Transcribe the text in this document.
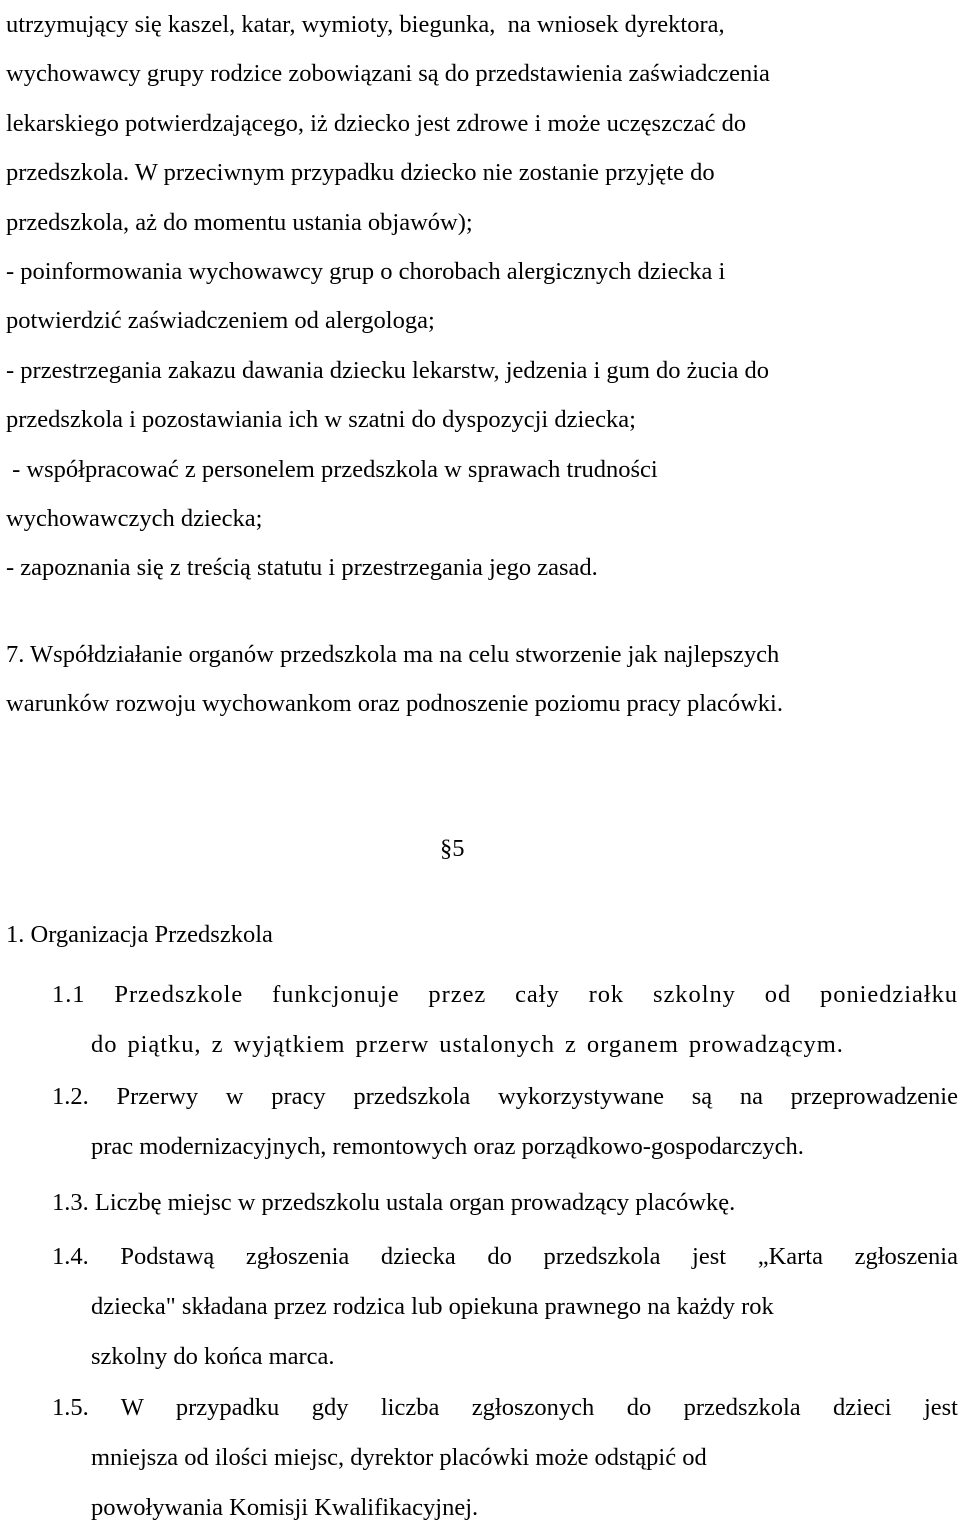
utrzymujący się kaszel, katar, wymioty, biegunka,  na wniosek dyrektora,
wychowawcy grupy rodzice zobowiązani są do przedstawienia zaświadczenia
lekarskiego potwierdzającego, iż dziecko jest zdrowe i może uczęszczać do
przedszkola. W przeciwnym przypadku dziecko nie zostanie przyjęte do
przedszkola, aż do momentu ustania objawów);
- poinformowania wychowawcy grup o chorobach alergicznych dziecka i
potwierdzić zaświadczeniem od alergologa;
- przestrzegania zakazu dawania dziecku lekarstw, jedzenia i gum do żucia do
przedszkola i pozostawiania ich w szatni do dyspozycji dziecka;
- współpracować z personelem przedszkola w sprawach trudności
wychowawczych dziecka;
- zapoznania się z treścią statutu i przestrzegania jego zasad.
7. Współdziałanie organów przedszkola ma na celu stworzenie jak najlepszych
warunków rozwoju wychowankom oraz podnoszenie poziomu pracy placówki.
§5
1. Organizacja Przedszkola
1.1 Przedszkole funkcjonuje przez cały rok szkolny od poniedziałku
do piątku, z wyjątkiem przerw ustalonych z organem prowadzącym.
1.2. Przerwy w pracy przedszkola wykorzystywane są na przeprowadzenie
prac modernizacyjnych, remontowych oraz porządkowo-gospodarczych.
1.3. Liczbę miejsc w przedszkolu ustala organ prowadzący placówkę.
1.4. Podstawą zgłoszenia dziecka do przedszkola jest „Karta zgłoszenia
dziecka" składana przez rodzica lub opiekuna prawnego na każdy rok
szkolny do końca marca.
1.5. W przypadku gdy liczba zgłoszonych do przedszkola dzieci jest
mniejsza od ilości miejsc, dyrektor placówki może odstąpić od
powoływania Komisji Kwalifikacyjnej.
